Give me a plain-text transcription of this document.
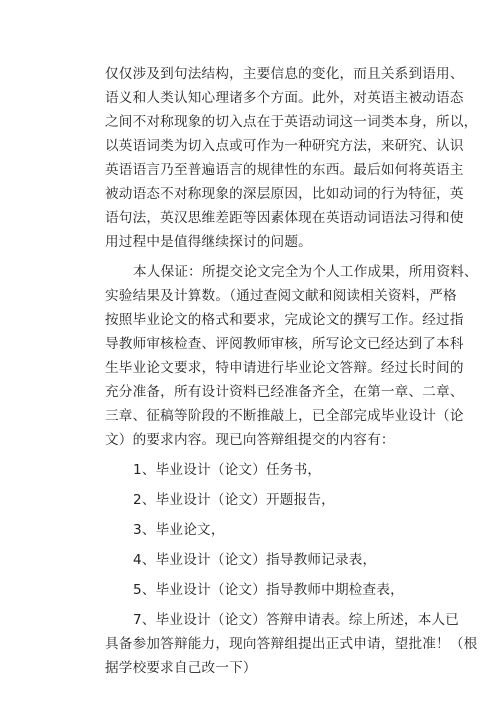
仅仅涉及到句法结构，主要信息的变化，而且关系到语用、
语义和人类认知心理诸多个方面。此外，对英语主被动语态
之间不对称现象的切入点在于英语动词这一词类本身，所以，
以英语词类为切入点或可作为一种研究方法，来研究、认识
英语语言乃至普遍语言的规律性的东西。最后如何将英语主
被动语态不对称现象的深层原因，比如动词的行为特征，英
语句法，英汉思维差距等因素体现在英语动词语法习得和使
用过程中是值得继续探讨的问题。
本人保证：所提交论文完全为个人工作成果，所用资料、
实验结果及计算数。（通过查阅文献和阅读相关资料，严格
按照毕业论文的格式和要求，完成论文的撰写工作。经过指
导教师审核检查、评阅教师审核，所写论文已经达到了本科
生毕业论文要求，特申请进行毕业论文答辩。经过长时间的
充分准备，所有设计资料已经准备齐全，在第一章、二章、
三章、征稿等阶段的不断推敲上，已全部完成毕业设计（论
文）的要求内容。现已向答辩组提交的内容有：
1、毕业设计（论文）任务书，
2、毕业设计（论文）开题报告，
3、毕业论文，
4、毕业设计（论文）指导教师记录表，
5、毕业设计（论文）指导教师中期检查表，
7、毕业设计（论文）答辩申请表。综上所述，本人已
具备参加答辩能力，现向答辩组提出正式申请，望批准！（根
据学校要求自己改一下）
